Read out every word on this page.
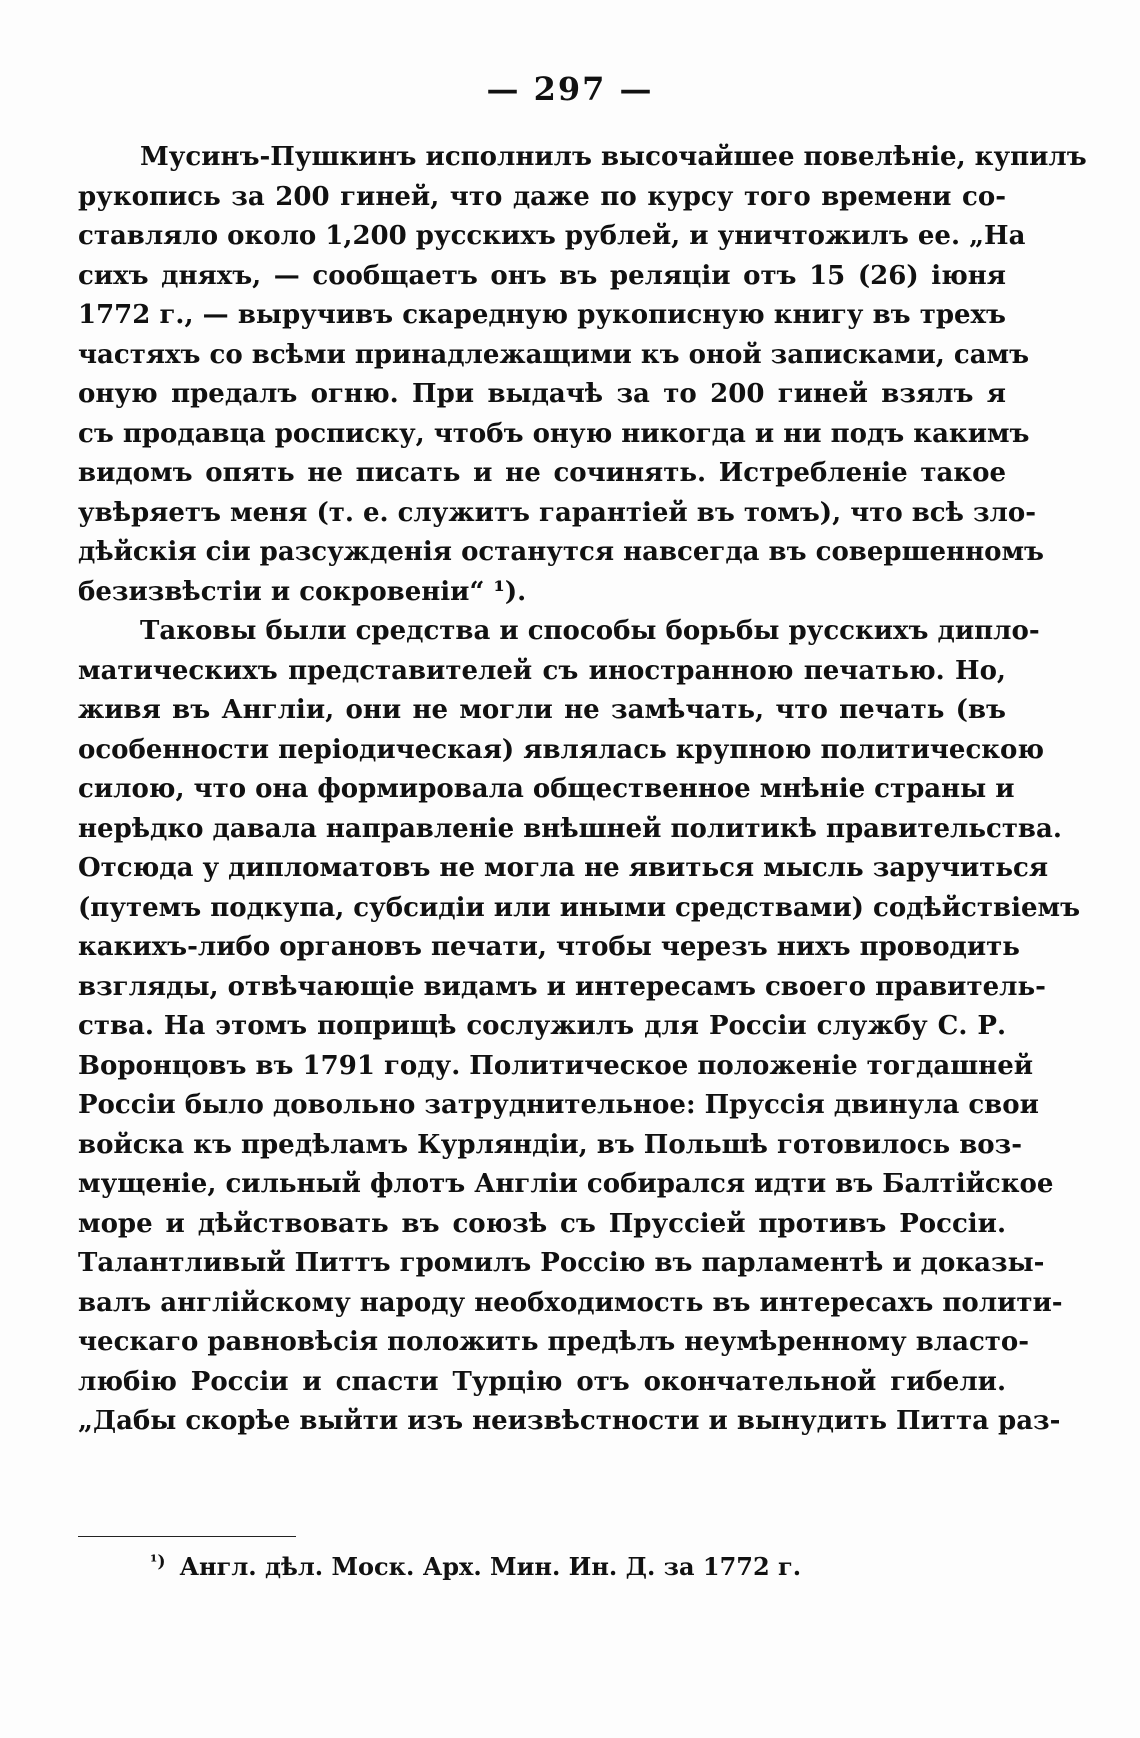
— 297 —
Мусинъ-Пушкинъ исполнилъ высочайшее повелѣніе, купилъ
рукопись за 200 гиней, что даже по курсу того времени со-
ставляло около 1,200 русскихъ рублей, и уничтожилъ ее. „На
сихъ дняхъ, — сообщаетъ онъ въ реляціи отъ 15 (26) іюня
1772 г., — выручивъ скаредную рукописную книгу въ трехъ
частяхъ со всѣми принадлежащими къ оной записками, самъ
оную предалъ огню. При выдачѣ за то 200 гиней взялъ я
съ продавца росписку, чтобъ оную никогда и ни подъ какимъ
видомъ опять не писать и не сочинять. Истребленіе такое
увѣряетъ меня (т. е. служитъ гарантіей въ томъ), что всѣ зло-
дѣйскія сіи разсужденія останутся навсегда въ совершенномъ
безизвѣстіи и сокровеніи“ ¹).
Таковы были средства и способы борьбы русскихъ дипло-
матическихъ представителей съ иностранною печатью. Но,
живя въ Англіи, они не могли не замѣчать, что печать (въ
особенности періодическая) являлась крупною политическою
силою, что она формировала общественное мнѣніе страны и
нерѣдко давала направленіе внѣшней политикѣ правительства.
Отсюда у дипломатовъ не могла не явиться мысль заручиться
(путемъ подкупа, субсидіи или иными средствами) содѣйствіемъ
какихъ-либо органовъ печати, чтобы черезъ нихъ проводить
взгляды, отвѣчающіе видамъ и интересамъ своего правитель-
ства. На этомъ поприщѣ сослужилъ для Россіи службу С. Р.
Воронцовъ въ 1791 году. Политическое положеніе тогдашней
Россіи было довольно затруднительное: Пруссія двинула свои
войска къ предѣламъ Курляндіи, въ Польшѣ готовилось воз-
мущеніе, сильный флотъ Англіи собирался идти въ Балтійское
море и дѣйствовать въ союзѣ съ Пруссіей противъ Россіи.
Талантливый Питтъ громилъ Россію въ парламентѣ и доказы-
валъ англійскому народу необходимость въ интересахъ полити-
ческаго равновѣсія положить предѣлъ неумѣренному власто-
любію Россіи и спасти Турцію отъ окончательной гибели.
„Дабы скорѣе выйти изъ неизвѣстности и вынудить Питта раз-
$^{^1)}$ Англ. дѣл. Моск. Арх. Мин. Ин. Д. за 1772 г.
